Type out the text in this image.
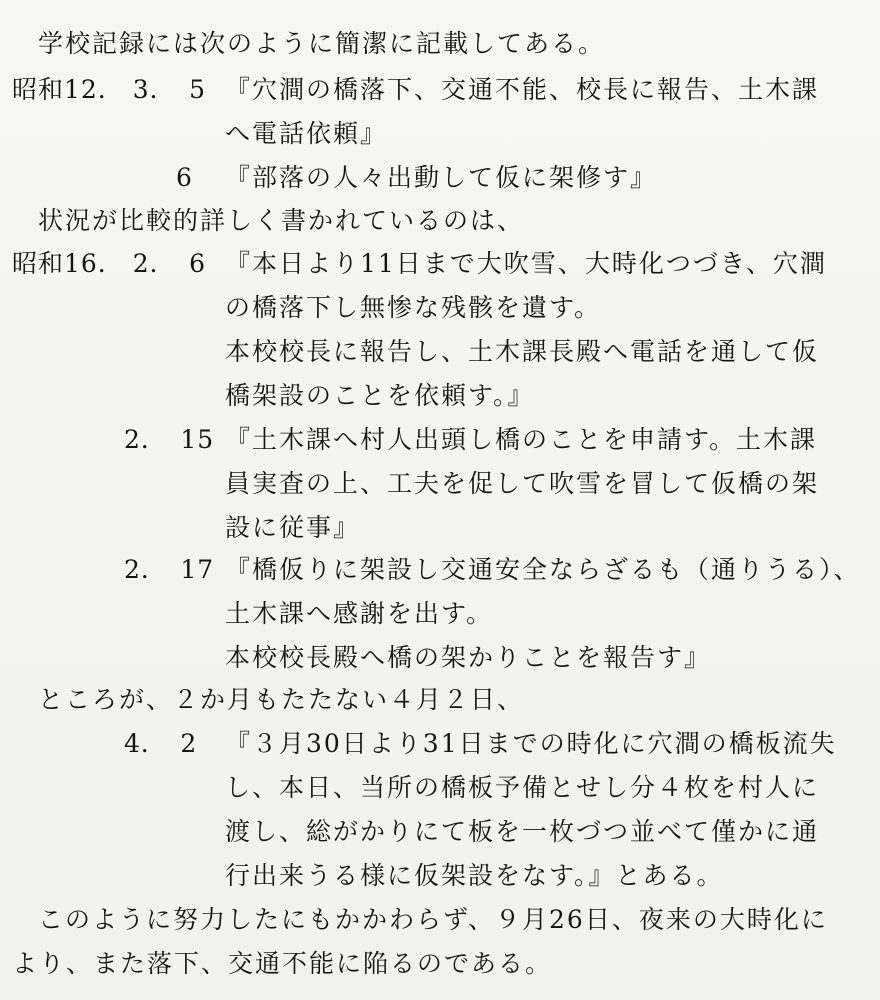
学校記録には次のように簡潔に記載してある。
昭和12.　3．　5 『穴澗の橋落下、交通不能、校長に報告、土木課
へ電話依頼』
6 『部落の人々出動して仮に架修す』
状況が比較的詳しく書かれているのは、
昭和16.　2．　6 『本日より11日まで大吹雪、大時化つづき、穴澗
の橋落下し無惨な残骸を遺す。
本校校長に報告し、土木課長殿へ電話を通して仮
橋架設のことを依頼す。』
2．　15 『土木課へ村人出頭し橋のことを申請す。土木課
員実査の上、工夫を促して吹雪を冒して仮橋の架
設に従事』
2．　17 『橋仮りに架設し交通安全ならざるも（通りうる）、
土木課へ感謝を出す。
本校校長殿へ橋の架かりことを報告す』
ところが、２か月もたたない４月２日、
4．　2 『３月30日より31日までの時化に穴澗の橋板流失
し、本日、当所の橋板予備とせし分４枚を村人に
渡し、総がかりにて板を一枚づつ並べて僅かに通
行出来うる様に仮架設をなす。』とある。
このように努力したにもかかわらず、９月26日、夜来の大時化に
より、また落下、交通不能に陥るのである。
